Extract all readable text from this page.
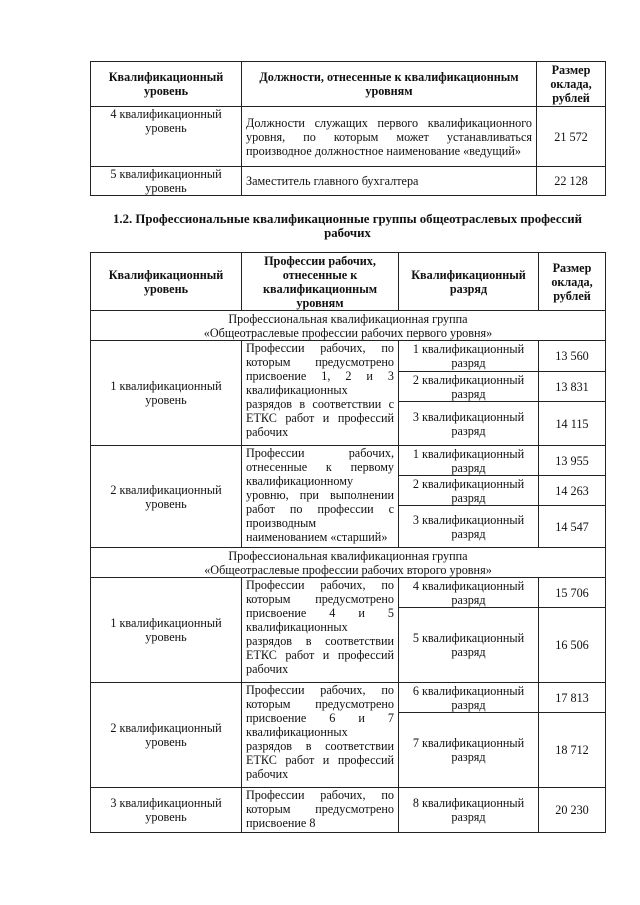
Квалификационный уровень	Должности, отнесенные к квалификационным уровням	Размер оклада, рублей
4 квалификационный уровень	Должности служащих первого квалификационного уровня, по которым может устанавливаться производное должностное наименование «ведущий»	21 572
5 квалификационный уровень	Заместитель главного бухгалтера	22 128
1.2. Профессиональные квалификационные группы общеотраслевых профессий рабочих
Квалификационный уровень	Профессии рабочих, отнесенные к квалификационным уровням	Квалификационный разряд	Размер оклада, рублей
Профессиональная квалификационная группа
«Общеотраслевые профессии рабочих первого уровня»			
1 квалификационный уровень	Профессии рабочих, по которым предусмотрено присвоение 1, 2 и 3 квалификационных разрядов в соответствии с ЕТКС работ и профессий рабочих	1 квалификационный разряд	13 560
		2 квалификационный разряд	13 831
		3 квалификационный разряд	14 115
2 квалификационный уровень	Профессии рабочих, отнесенные к первому квалификационному уровню, при выполнении работ по профессии с производным наименованием «старший»	1 квалификационный разряд	13 955
		2 квалификационный разряд	14 263
		3 квалификационный разряд	14 547
Профессиональная квалификационная группа
«Общеотраслевые профессии рабочих второго уровня»			
1 квалификационный уровень	Профессии рабочих, по которым предусмотрено присвоение 4 и 5 квалификационных разрядов в соответствии ЕТКС работ и профессий рабочих	4 квалификационный разряд	15 706
		5 квалификационный разряд	16 506
2 квалификационный уровень	Профессии рабочих, по которым предусмотрено присвоение 6 и 7 квалификационных разрядов в соответствии ЕТКС работ и профессий рабочих	6 квалификационный разряд	17 813
		7 квалификационный разряд	18 712
3 квалификационный уровень	Профессии рабочих, по которым предусмотрено присвоение 8	8 квалификационный разряд	20 230
